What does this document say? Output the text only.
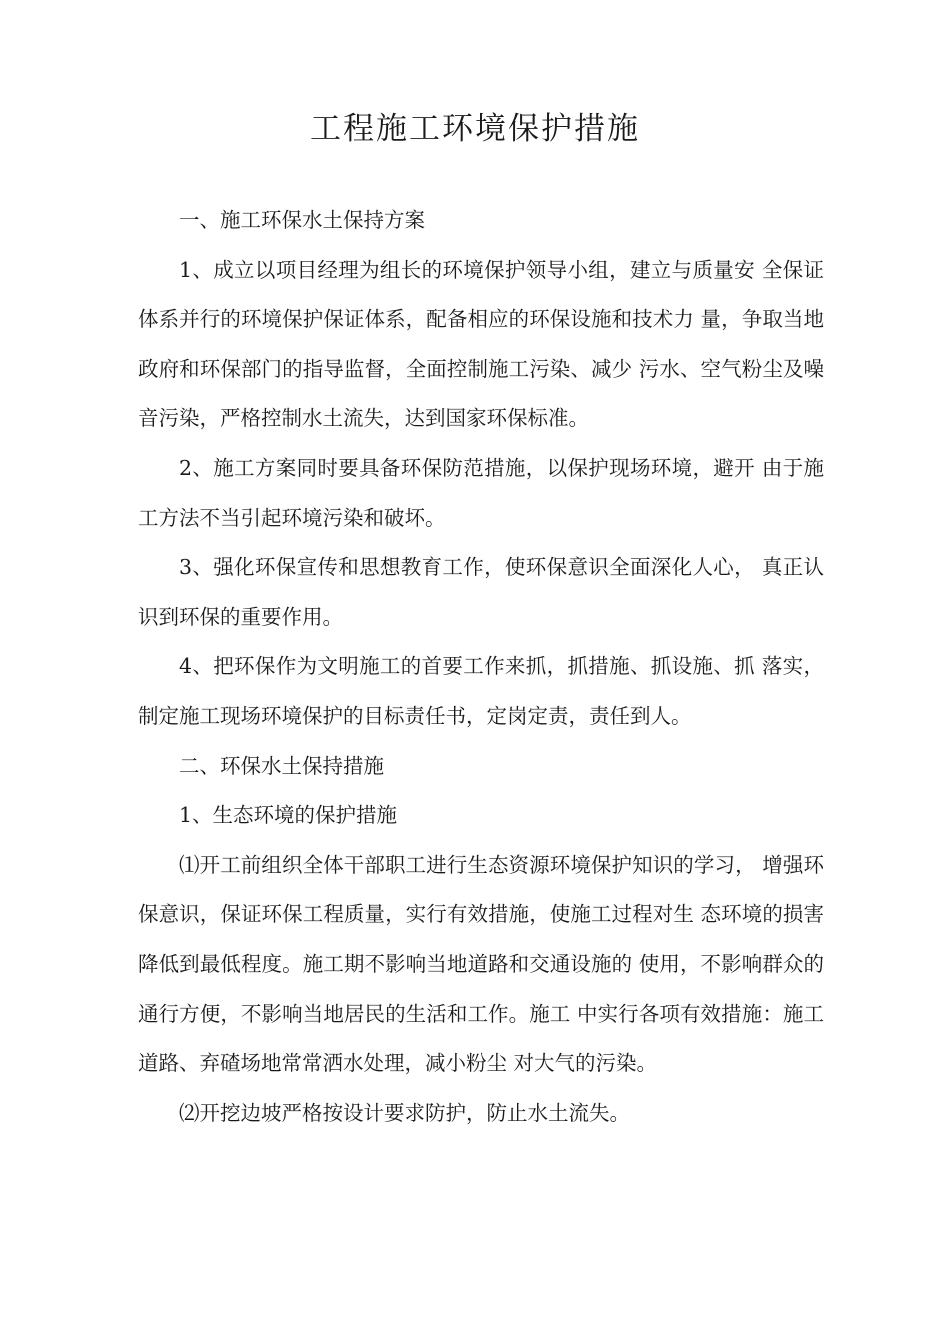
工程施工环境保护措施

一、施工环保水土保持方案

1、成立以项目经理为组长的环境保护领导小组，建立与质量安 全保证体系并行的环境保护保证体系，配备相应的环保设施和技术力 量，争取当地政府和环保部门的指导监督，全面控制施工污染、减少 污水、空气粉尘及噪音污染，严格控制水土流失，达到国家环保标准。

2、施工方案同时要具备环保防范措施，以保护现场环境，避开 由于施工方法不当引起环境污染和破坏。

3、强化环保宣传和思想教育工作，使环保意识全面深化人心， 真正认识到环保的重要作用。

4、把环保作为文明施工的首要工作来抓，抓措施、抓设施、抓 落实，制定施工现场环境保护的目标责任书，定岗定责，责任到人。

二、环保水土保持措施

1、生态环境的保护措施

⑴开工前组织全体干部职工进行生态资源环境保护知识的学习， 增强环保意识，保证环保工程质量，实行有效措施，使施工过程对生 态环境的损害降低到最低程度。施工期不影响当地道路和交通设施的 使用，不影响群众的通行方便，不影响当地居民的生活和工作。施工 中实行各项有效措施：施工道路、弃碴场地常常洒水处理，减小粉尘 对大气的污染。

⑵开挖边坡严格按设计要求防护，防止水土流失。
